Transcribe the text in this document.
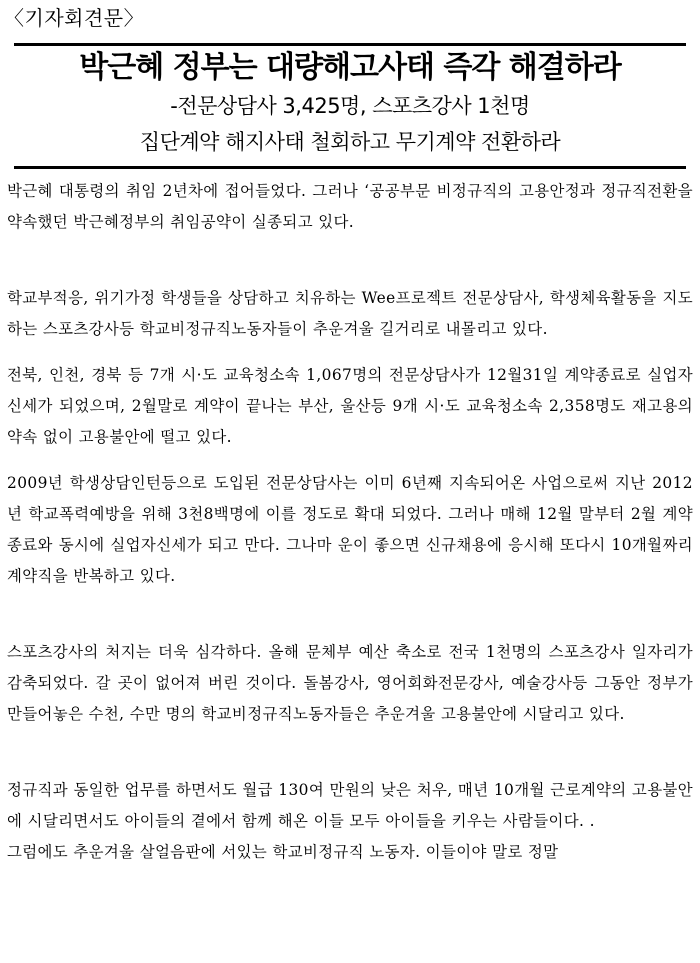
〈기자회견문〉
박근혜 정부는 대량해고사태 즉각 해결하라
-전문상담사 3,425명, 스포츠강사 1천명
집단계약 해지사태 철회하고 무기계약 전환하라

박근혜 대통령의 취임 2년차에 접어들었다. 그러나 ‘공공부문 비정규직의 고용안정과 정규직전환을 약속했던 박근혜정부의 취임공약이 실종되고 있다.

학교부적응, 위기가정 학생들을 상담하고 치유하는 Wee프로젝트 전문상담사, 학생체육활동을 지도하는 스포츠강사등 학교비정규직노동자들이 추운겨울 길거리로 내몰리고 있다.

전북, 인천, 경북 등 7개 시·도 교육청소속 1,067명의 전문상담사가 12월31일 계약종료로 실업자 신세가 되었으며, 2월말로 계약이 끝나는 부산, 울산등 9개 시·도 교육청소속 2,358명도 재고용의 약속 없이 고용불안에 떨고 있다.

2009년 학생상담인턴등으로 도입된 전문상담사는 이미 6년째 지속되어온 사업으로써 지난 2012년 학교폭력예방을 위해 3천8백명에 이를 정도로 확대 되었다. 그러나 매해 12월 말부터 2월 계약종료와 동시에 실업자신세가 되고 만다. 그나마 운이 좋으면 신규채용에 응시해 또다시 10개월짜리 계약직을 반복하고 있다.

스포츠강사의 처지는 더욱 심각하다. 올해 문체부 예산 축소로 전국 1천명의 스포츠강사 일자리가 감축되었다. 갈 곳이 없어져 버린 것이다. 돌봄강사, 영어회화전문강사, 예술강사등 그동안 정부가 만들어놓은 수천, 수만 명의 학교비정규직노동자들은 추운겨울 고용불안에 시달리고 있다.

정규직과 동일한 업무를 하면서도 월급 130여 만원의 낮은 처우, 매년 10개월 근로계약의 고용불안에 시달리면서도 아이들의 곁에서 함께 해온 이들 모두 아이들을 키우는 사람들이다. .

그럼에도 추운겨울 살얼음판에 서있는 학교비정규직 노동자. 이들이야 말로 정말
